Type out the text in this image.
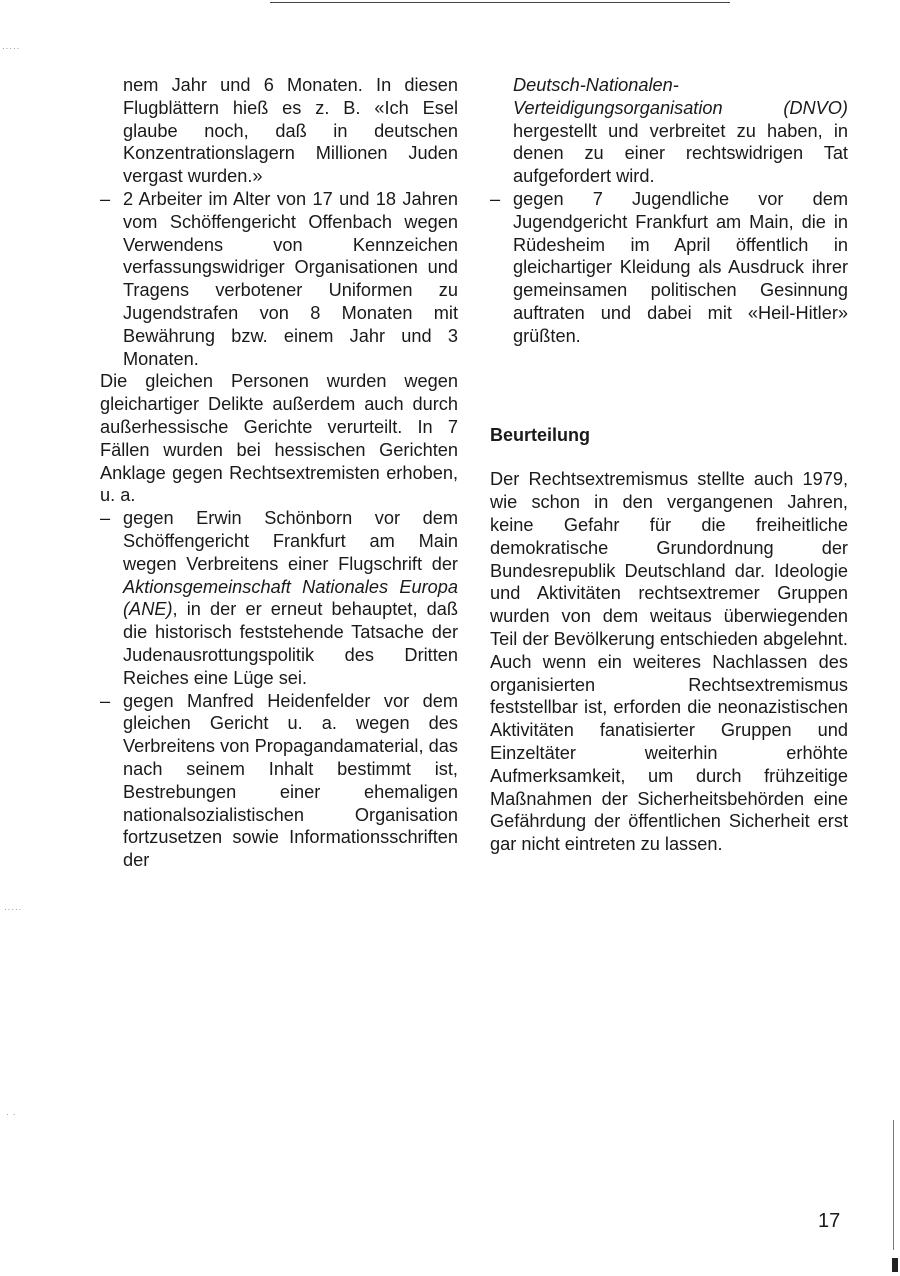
·····
·····
· ·

nem Jahr und 6 Monaten. In diesen Flugblättern hieß es z. B. «Ich Esel glaube noch, daß in deutschen Konzentrationslagern Millionen Juden vergast wurden.»

– 2 Arbeiter im Alter von 17 und 18 Jahren vom Schöffengericht Offenbach wegen Verwendens von Kennzeichen verfassungswidriger Organisationen und Tragens verbotener Uniformen zu Jugendstrafen von 8 Monaten mit Bewährung bzw. einem Jahr und 3 Monaten.

Die gleichen Personen wurden wegen gleichartiger Delikte außerdem auch durch außerhessische Gerichte verurteilt. In 7 Fällen wurden bei hessischen Gerichten Anklage gegen Rechtsextremisten erhoben, u. a.

– gegen Erwin Schönborn vor dem Schöffengericht Frankfurt am Main wegen Verbreitens einer Flugschrift der Aktionsgemeinschaft Nationales Europa (ANE), in der er erneut behauptet, daß die historisch feststehende Tatsache der Judenausrottungspolitik des Dritten Reiches eine Lüge sei.
– gegen Manfred Heidenfelder vor dem gleichen Gericht u. a. wegen des Verbreitens von Propagandamaterial, das nach seinem Inhalt bestimmt ist, Bestrebungen einer ehemaligen nationalsozialistischen Organisation fortzusetzen sowie Informationsschriften der

Deutsch-Nationalen-Verteidigungsorganisation (DNVO) hergestellt und verbreitet zu haben, in denen zu einer rechtswidrigen Tat aufgefordert wird.

– gegen 7 Jugendliche vor dem Jugendgericht Frankfurt am Main, die in Rüdesheim im April öffentlich in gleichartiger Kleidung als Ausdruck ihrer gemeinsamen politischen Gesinnung auftraten und dabei mit «Heil-Hitler» grüßten.

Beurteilung

Der Rechtsextremismus stellte auch 1979, wie schon in den vergangenen Jahren, keine Gefahr für die freiheitliche demokratische Grundordnung der Bundesrepublik Deutschland dar. Ideologie und Aktivitäten rechtsextremer Gruppen wurden von dem weitaus überwiegenden Teil der Bevölkerung entschieden abgelehnt.

Auch wenn ein weiteres Nachlassen des organisierten Rechtsextremismus feststellbar ist, erforden die neonazistischen Aktivitäten fanatisierter Gruppen und Einzeltäter weiterhin erhöhte Aufmerksamkeit, um durch frühzeitige Maßnahmen der Sicherheitsbehörden eine Gefährdung der öffentlichen Sicherheit erst gar nicht eintreten zu lassen.

17
